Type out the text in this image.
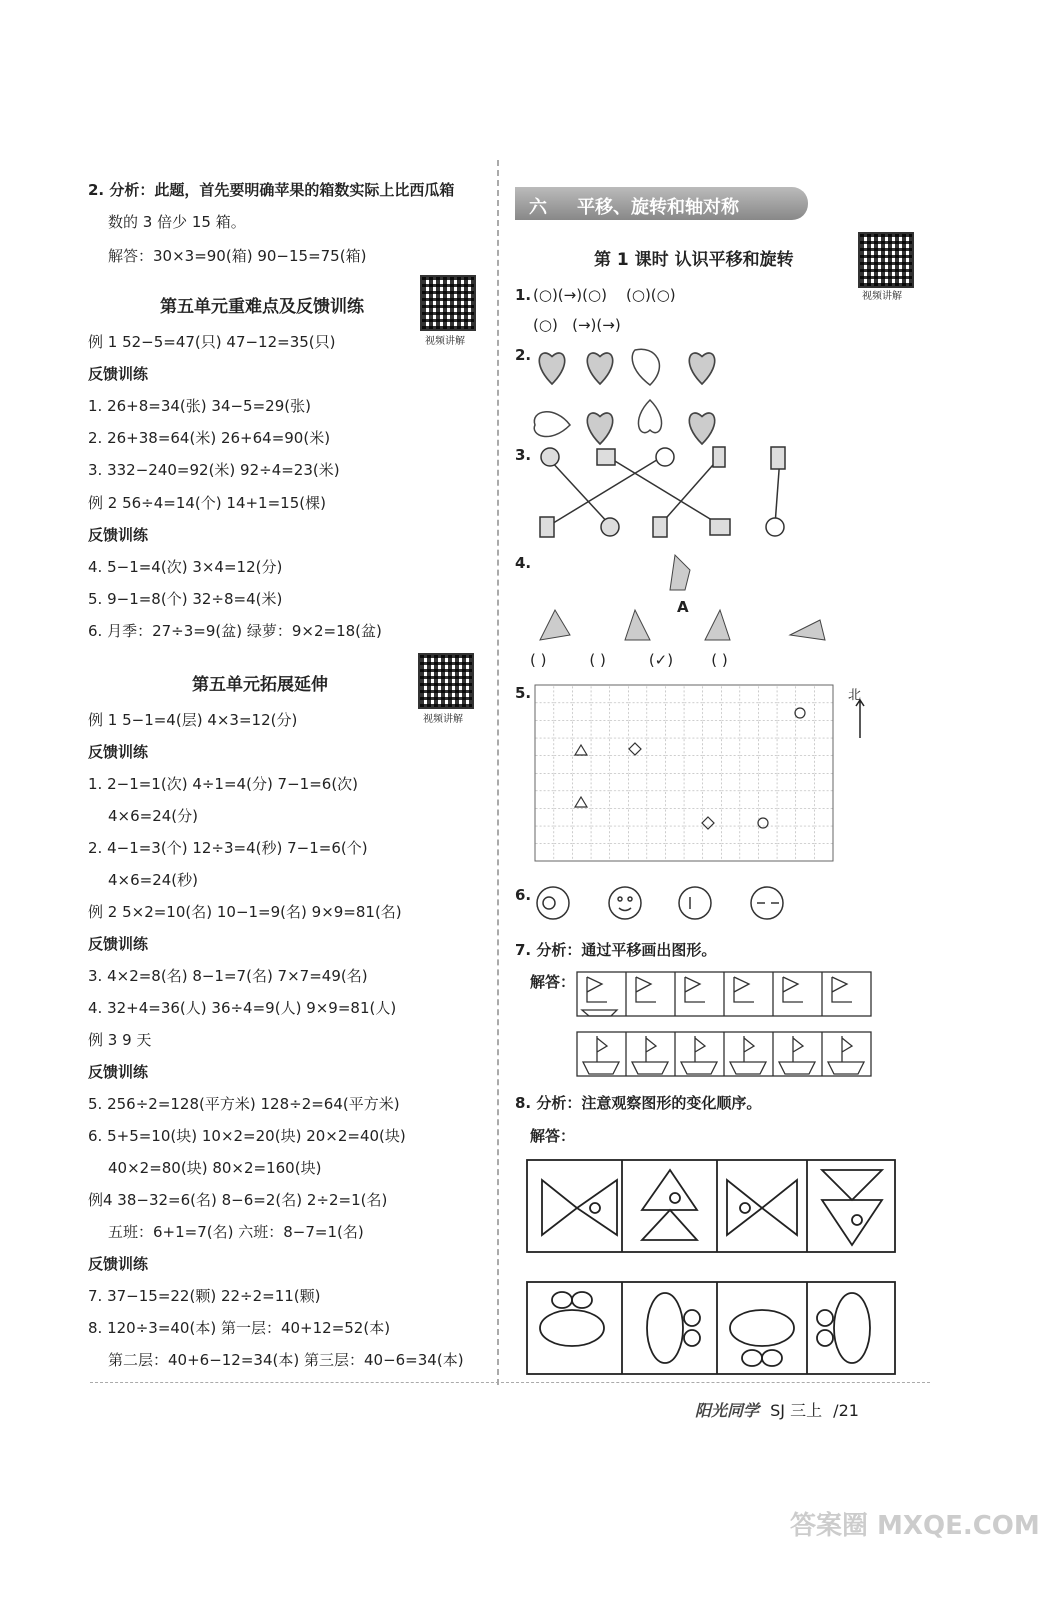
2. 分析：此题，首先要明确苹果的箱数实际上比西瓜箱
数的 3 倍少 15 箱。
解答：30×3=90(箱) 90−15=75(箱)
第五单元重难点及反馈训练
视频讲解
例 1 52−5=47(只) 47−12=35(只)
反馈训练
1. 26+8=34(张) 34−5=29(张)
2. 26+38=64(米) 26+64=90(米)
3. 332−240=92(米) 92÷4=23(米)
例 2 56÷4=14(个) 14+1=15(棵)
反馈训练
4. 5−1=4(次) 3×4=12(分)
5. 9−1=8(个) 32÷8=4(米)
6. 月季：27÷3=9(盆) 绿萝：9×2=18(盆)
第五单元拓展延伸
视频讲解
例 1 5−1=4(层) 4×3=12(分)
反馈训练
1. 2−1=1(次) 4÷1=4(分) 7−1=6(次)
4×6=24(分)
2. 4−1=3(个) 12÷3=4(秒) 7−1=6(个)
4×6=24(秒)
例 2 5×2=10(名) 10−1=9(名) 9×9=81(名)
反馈训练
3. 4×2=8(名) 8−1=7(名) 7×7=49(名)
4. 32+4=36(人) 36÷4=9(人) 9×9=81(人)
例 3 9 天
反馈训练
5. 256÷2=128(平方米) 128÷2=64(平方米)
6. 5+5=10(块) 10×2=20(块) 20×2=40(块)
40×2=80(块) 80×2=160(块)
例4 38−32=6(名) 8−6=2(名) 2÷2=1(名)
五班：6+1=7(名) 六班：8−7=1(名)
反馈训练
7. 37−15=22(颗) 22÷2=11(颗)
8. 120÷3=40(本) 第一层：40+12=52(本)
第二层：40+6−12=34(本) 第三层：40−6=34(本)
六 平移、旋转和轴对称
第 1 课时 认识平移和旋转
视频讲解
1. (○)(→)(○)    (○)(○)
(○)   (→)(→)
2.
3.
4.
A
( )	( )	(✓)	( )
5.	北
6.
7. 分析：通过平移画出图形。
解答：
8. 分析：注意观察图形的变化顺序。
解答：
阳光同学 SJ 三上 /21
答案圈 MXQE.COM
